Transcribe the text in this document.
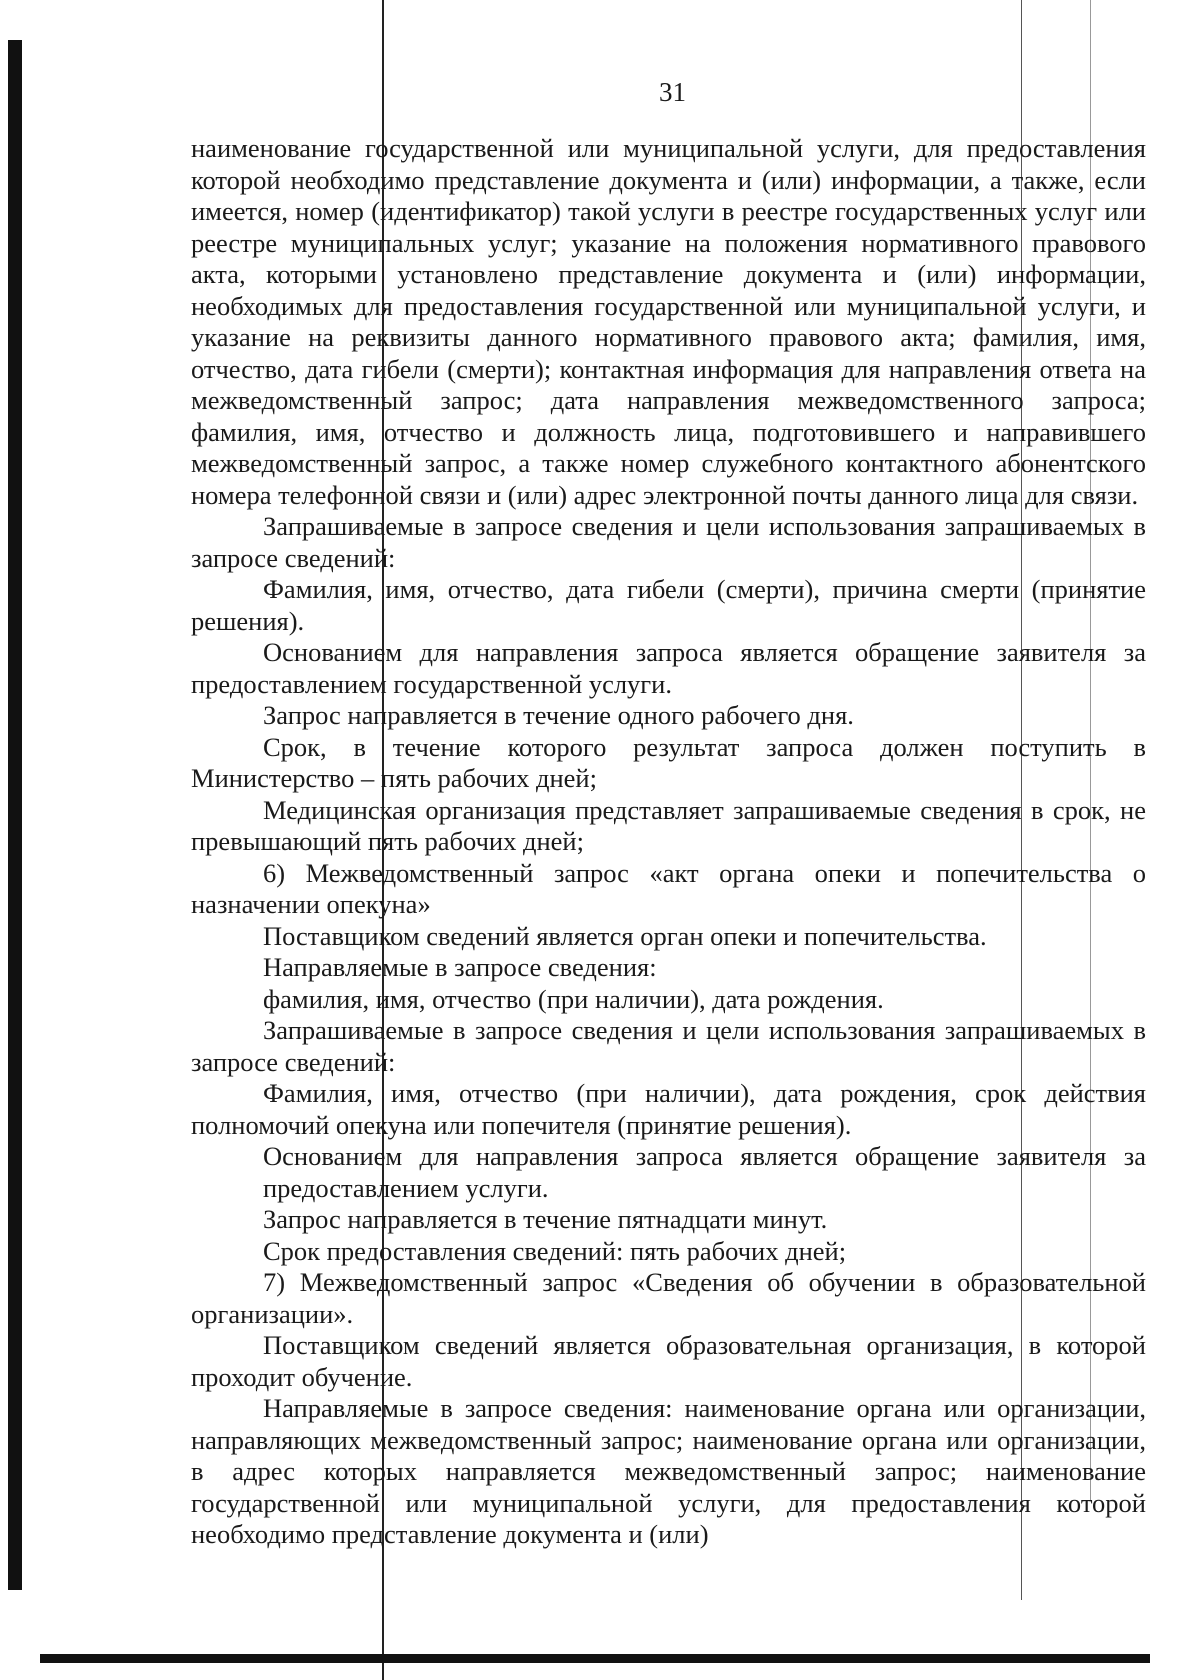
31

наименование государственной или муниципальной услуги, для предоставления которой необходимо представление документа и (или) информации, а также, если имеется, номер (идентификатор) такой услуги в реестре государственных услуг или реестре муниципальных услуг; указание на положения нормативного правового акта, которыми установлено представление документа и (или) информации, необходимых для предоставления государственной или муниципальной услуги, и указание на реквизиты данного нормативного правового акта; фамилия, имя, отчество, дата гибели (смерти); контактная информация для направления ответа на межведомственный запрос; дата направления межведомственного запроса; фамилия, имя, отчество и должность лица, подготовившего и направившего межведомственный запрос, а также номер служебного контактного абонентского номера телефонной связи и (или) адрес электронной почты данного лица для связи.

Запрашиваемые в запросе сведения и цели использования запрашиваемых в запросе сведений:

Фамилия, имя, отчество, дата гибели (смерти), причина смерти (принятие решения).

Основанием для направления запроса является обращение заявителя за предоставлением государственной услуги.

Запрос направляется в течение одного рабочего дня.

Срок, в течение которого результат запроса должен поступить в Министерство – пять рабочих дней;

Медицинская организация представляет запрашиваемые сведения в срок, не превышающий пять рабочих дней;

6) Межведомственный запрос «акт органа опеки и попечительства о назначении опекуна»

Поставщиком сведений является орган опеки и попечительства.

Направляемые в запросе сведения:

фамилия, имя, отчество (при наличии), дата рождения.

Запрашиваемые в запросе сведения и цели использования запрашиваемых в запросе сведений:

Фамилия, имя, отчество (при наличии), дата рождения, срок действия полномочий опекуна или попечителя (принятие решения).

Основанием для направления запроса является обращение заявителя за предоставлением услуги.

Запрос направляется в течение пятнадцати минут.

Срок предоставления сведений: пять рабочих дней;

7) Межведомственный запрос «Сведения об обучении в образовательной организации».

Поставщиком сведений является образовательная организация, в которой проходит обучение.

Направляемые в запросе сведения: наименование органа или организации, направляющих межведомственный запрос; наименование органа или организации, в адрес которых направляется межведомственный запрос; наименование государственной или муниципальной услуги, для предоставления которой необходимо представление документа и (или)
